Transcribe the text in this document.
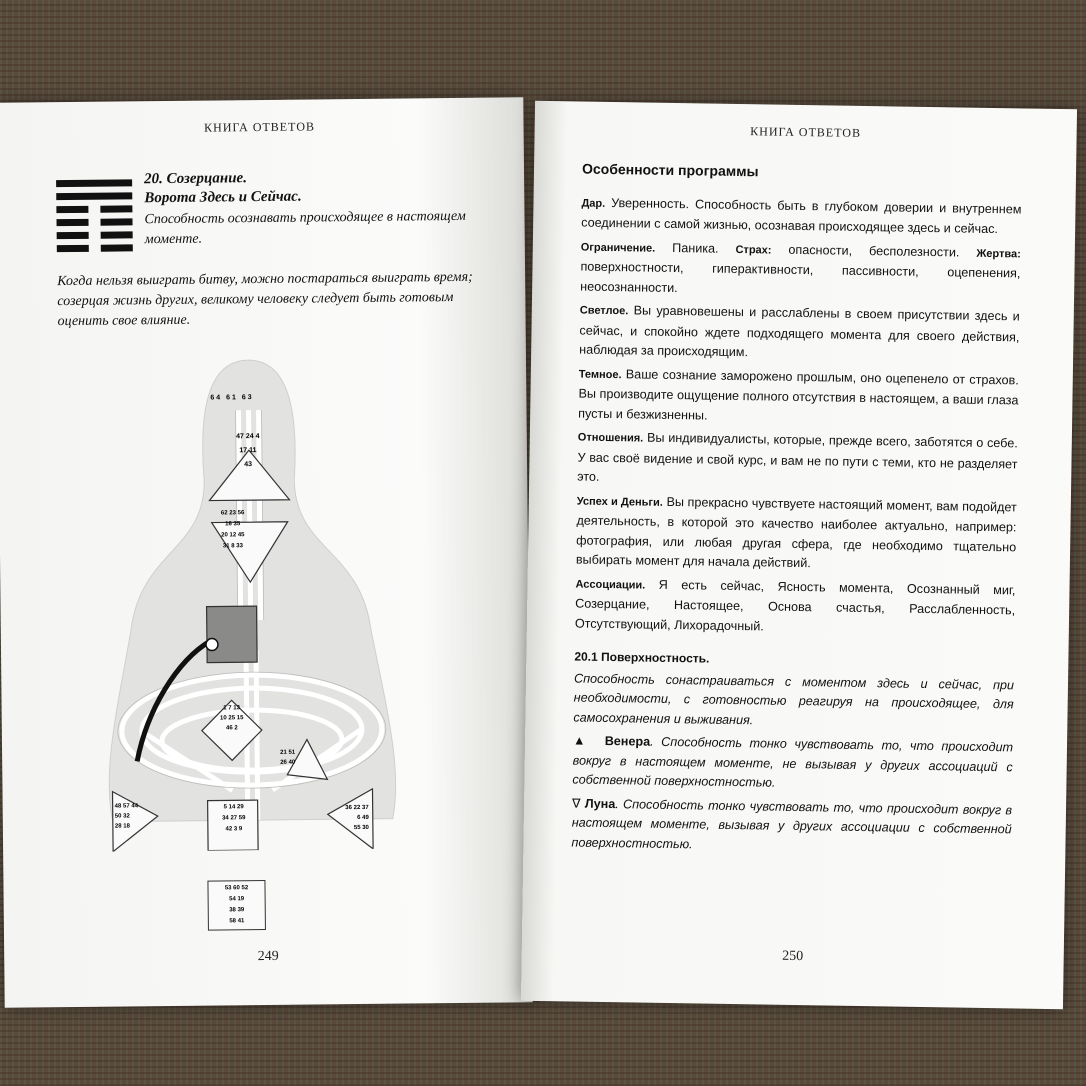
КНИГА ОТВЕТОВ
20. Созерцание.
Ворота Здесь и Сейчас.
Способность осознавать происходящее в настоящем моменте.
Когда нельзя выиграть битву, можно постараться выиграть время; созерцая жизнь других, великому человеку следует быть готовым оценить свое влияние.
64 61 63
47 24 4
17 11
43
62 23 56
16 35
20 12 45
31 8 33
1 7 13
10 25 15
46 2
21 51
26 40
48 57 44
50 32
28 18
5 14 29
34 27 59
42 3 9
36 22 37
6 49
55 30
53 60 52
54 19
38 39
58 41
249
КНИГА ОТВЕТОВ
Особенности программы

Дар. Уверенность. Способность быть в глубоком доверии и внутреннем соединении с самой жизнью, осознавая происходящее здесь и сейчас.

Ограничение. Паника. Страх: опасности, бесполезности. Жертва: поверхностности, гиперактивности, пассивности, оцепенения, неосознанности.

Светлое. Вы уравновешены и расслаблены в своем присутствии здесь и сейчас, и спокойно ждете подходящего момента для своего действия, наблюдая за происходящим.

Темное. Ваше сознание заморожено прошлым, оно оцепенело от страхов. Вы производите ощущение полного отсутствия в настоящем, а ваши глаза пусты и безжизненны.

Отношения. Вы индивидуалисты, которые, прежде всего, заботятся о себе. У вас своё видение и свой курс, и вам не по пути с теми, кто не разделяет это.

Успех и Деньги. Вы прекрасно чувствуете настоящий момент, вам подойдет деятельность, в которой это качество наиболее актуально, например: фотография, или любая другая сфера, где необходимо тщательно выбирать момент для начала действий.

Ассоциации. Я есть сейчас, Ясность момента, Осознанный миг, Созерцание, Настоящее, Основа счастья, Расслабленность, Отсутствующий, Лихорадочный.

20.1 Поверхностность.

Способность сонастраиваться с моментом здесь и сейчас, при необходимости, с готовностью реагируя на происходящее, для самосохранения и выживания.

▲ Венера. Способность тонко чувствовать то, что происходит вокруг в настоящем моменте, не вызывая у других ассоциаций с собственной поверхностностью.

∇ Луна. Способность тонко чувствовать то, что происходит вокруг в настоящем моменте, вызывая у других ассоциации с собственной поверхностностью.

250
